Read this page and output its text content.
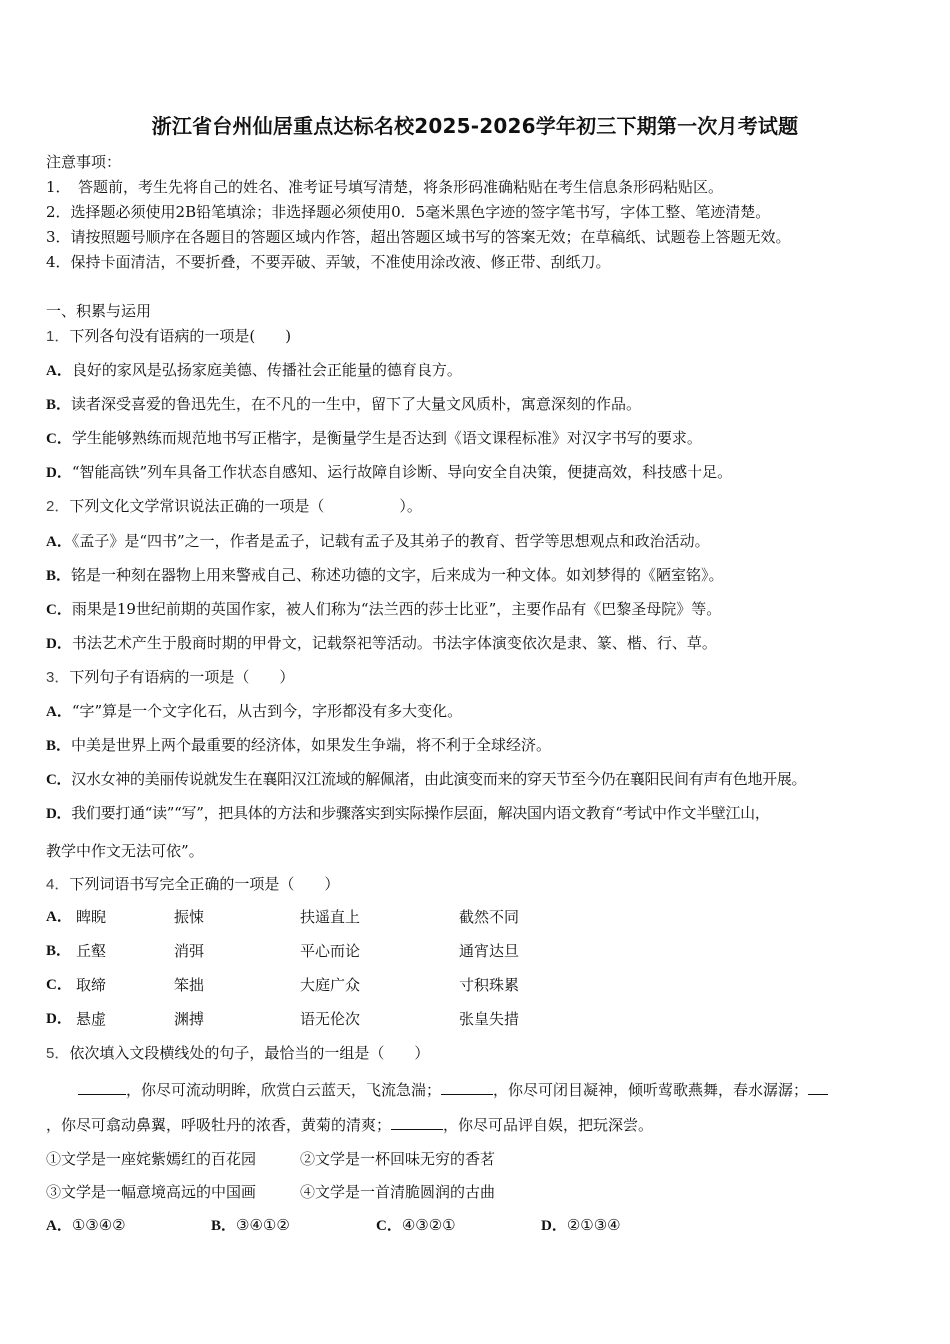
浙江省台州仙居重点达标名校2025-2026学年初三下期第一次月考试题
注意事项：
1．　答题前，考生先将自己的姓名、准考证号填写清楚，将条形码准确粘贴在考生信息条形码粘贴区。
2．选择题必须使用2B铅笔填涂；非选择题必须使用0．5毫米黑色字迹的签字笔书写，字体工整、笔迹清楚。
3．请按照题号顺序在各题目的答题区域内作答，超出答题区域书写的答案无效；在草稿纸、试题卷上答题无效。
4．保持卡面清洁，不要折叠，不要弄破、弄皱，不准使用涂改液、修正带、刮纸刀。
一、积累与运用
1．下列各句没有语病的一项是(　　)
A．良好的家风是弘扬家庭美德、传播社会正能量的德育良方。
B．读者深受喜爱的鲁迅先生，在不凡的一生中，留下了大量文风质朴，寓意深刻的作品。
C．学生能够熟练而规范地书写正楷字，是衡量学生是否达到《语文课程标准》对汉字书写的要求。
D．“智能高铁”列车具备工作状态自感知、运行故障自诊断、导向安全自决策，便捷高效，科技感十足。
2．下列文化文学常识说法正确的一项是（　　　　　）。
A．《孟子》是“四书”之一，作者是孟子，记载有孟子及其弟子的教育、哲学等思想观点和政治活动。
B．铭是一种刻在器物上用来警戒自己、称述功德的文字，后来成为一种文体。如刘梦得的《陋室铭》。
C．雨果是19世纪前期的英国作家，被人们称为“法兰西的莎士比亚”，主要作品有《巴黎圣母院》等。
D．书法艺术产生于殷商时期的甲骨文，记载祭祀等活动。书法字体演变依次是隶、篆、楷、行、草。
3．下列句子有语病的一项是（　　）
A．“字”算是一个文字化石，从古到今，字形都没有多大变化。
B．中美是世界上两个最重要的经济体，如果发生争端，将不利于全球经济。
C．汉水女神的美丽传说就发生在襄阳汉江流域的解佩渚，由此演变而来的穿天节至今仍在襄阳民间有声有色地开展。
D．我们要打通“读”“写”，把具体的方法和步骤落实到实际操作层面，解决国内语文教育“考试中作文半壁江山，
教学中作文无法可依”。
4．下列词语书写完全正确的一项是（　　）
A． 睥睨	振悚	扶遥直上	截然不同
B． 丘壑	消弭	平心而论	通宵达旦
C． 取缔	笨拙	大庭广众	寸积珠累
D． 悬虚	渊搏	语无伦次	张皇失措
5．依次填入文段横线处的句子，最恰当的一组是（　　）
，你尽可流动明眸，欣赏白云蓝天，飞流急湍；	，你尽可闭目凝神，倾听莺歌燕舞，春水潺潺；
，你尽可翕动鼻翼，呼吸牡丹的浓香，黄菊的清爽；	，你尽可品评自娱，把玩深尝。
①文学是一座姹紫嫣红的百花园	②文学是一杯回味无穷的香茗
③文学是一幅意境高远的中国画	④文学是一首清脆圆润的古曲
A．①③④②	B．③④①②	C．④③②①	D．②①③④
